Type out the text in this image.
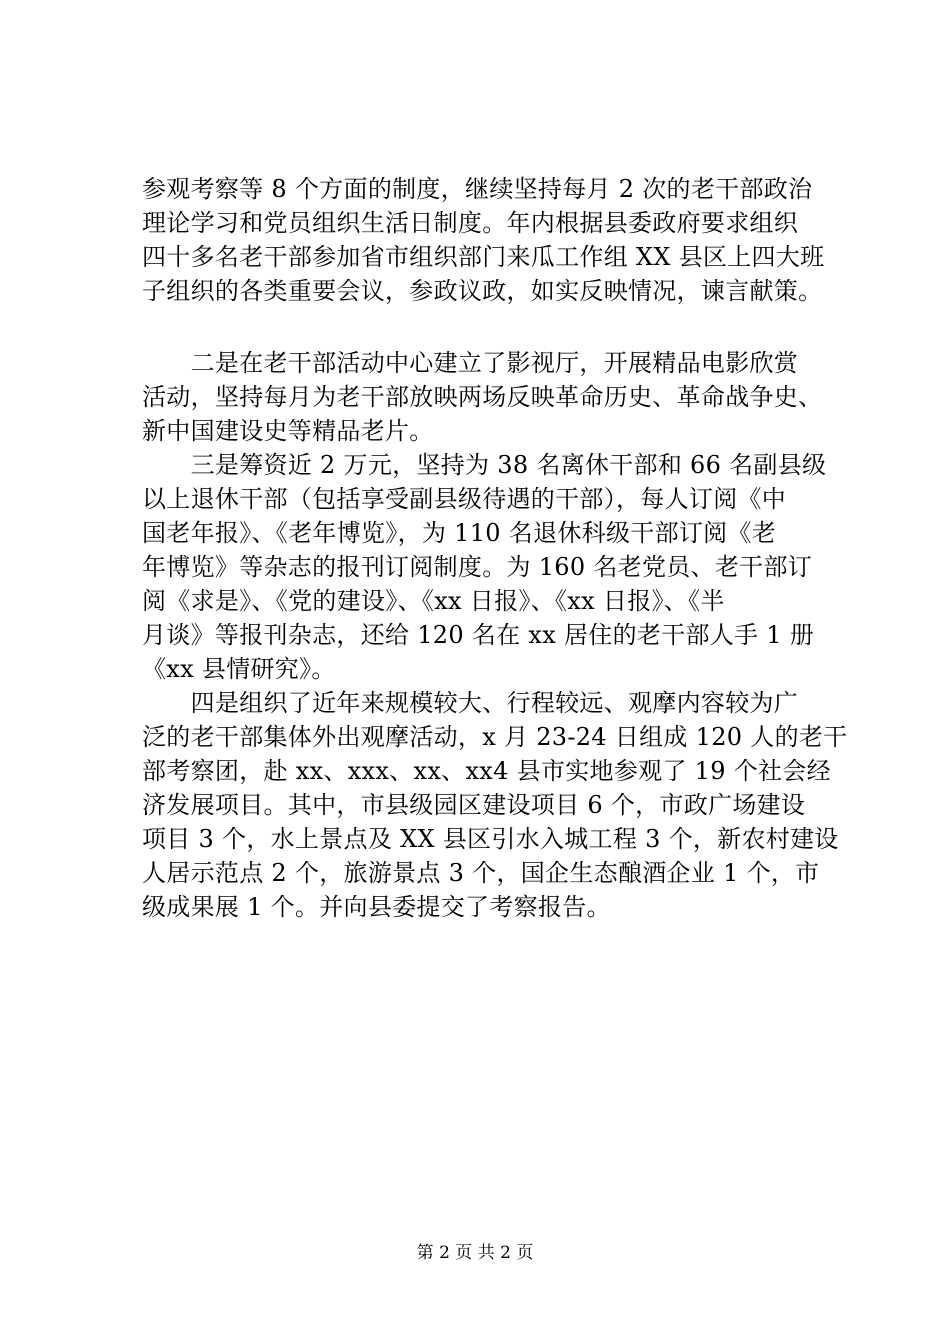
参观考察等 8 个方面的制度，继续坚持每月 2 次的老干部政治
理论学习和党员组织生活日制度。年内根据县委政府要求组织
四十多名老干部参加省市组织部门来瓜工作组 XX 县区上四大班
子组织的各类重要会议，参政议政，如实反映情况，谏言献策。
　　二是在老干部活动中心建立了影视厅，开展精品电影欣赏
活动，坚持每月为老干部放映两场反映革命历史、革命战争史、
新中国建设史等精品老片。
　　三是筹资近 2 万元，坚持为 38 名离休干部和 66 名副县级
以上退休干部（包括享受副县级待遇的干部），每人订阅《中
国老年报》、《老年博览》，为 110 名退休科级干部订阅《老
年博览》等杂志的报刊订阅制度。为 160 名老党员、老干部订
阅《求是》、《党的建设》、《xx 日报》、《xx 日报》、《半
月谈》等报刊杂志，还给 120 名在 xx 居住的老干部人手 1 册
《xx 县情研究》。
　　四是组织了近年来规模较大、行程较远、观摩内容较为广
泛的老干部集体外出观摩活动，x 月 23-24 日组成 120 人的老干
部考察团，赴 xx、xxx、xx、xx4 县市实地参观了 19 个社会经
济发展项目。其中，市县级园区建设项目 6 个，市政广场建设
项目 3 个，水上景点及 XX 县区引水入城工程 3 个，新农村建设
人居示范点 2 个，旅游景点 3 个，国企生态酿酒企业 1 个，市
级成果展 1 个。并向县委提交了考察报告。
第 2 页 共 2 页
